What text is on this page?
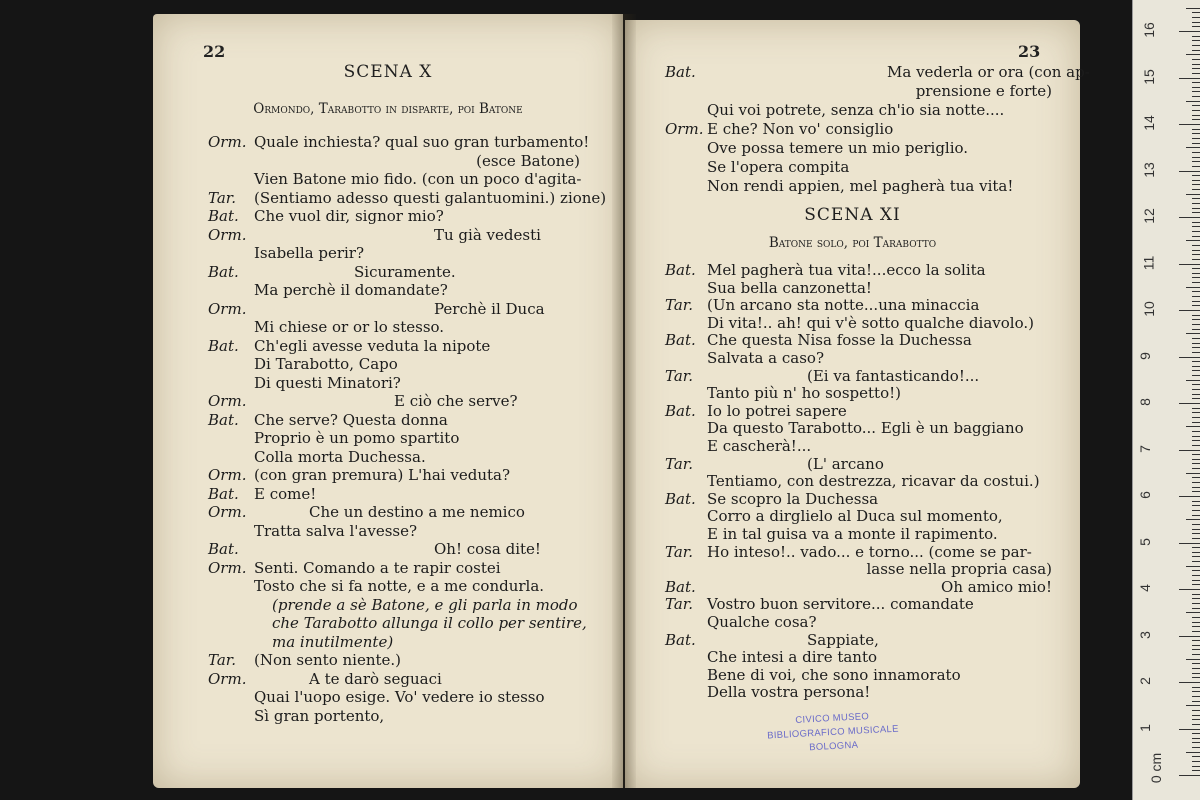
22
SCENA X
Ormondo, Tarabotto in disparte, poi Batone
Orm. Quale inchiesta? qual suo gran turbamento!
(esce Batone)
Vien Batone mio fido. (con un poco d'agita-
Tar. (Sentiamo adesso questi galantuomini.) zione)
Bat. Che vuol dir, signor mio?
Orm.	Tu già vedesti
Isabella perir?
Bat.	Sicuramente.
Ma perchè il domandate?
Orm.	Perchè il Duca
Mi chiese or or lo stesso.
Bat. Ch'egli avesse veduta la nipote
Di Tarabotto, Capo
Di questi Minatori?
Orm.	E ciò che serve?
Bat. Che serve? Questa donna
Proprio è un pomo spartito
Colla morta Duchessa.
Orm. (con gran premura) L'hai veduta?
Bat. E come!
Orm.	Che un destino a me nemico
Tratta salva l'avesse?
Bat.	Oh! cosa dite!
Orm. Senti. Comando a te rapir costei
Tosto che si fa notte, e a me condurla.
(prende a sè Batone, e gli parla in modo
che Tarabotto allunga il collo per sentire,
ma inutilmente)
Tar. (Non sento niente.)
Orm.	A te darò seguaci
Quai l'uopo esige. Vo' vedere io stesso
Sì gran portento,
23
Bat.	Ma vederla or ora (con ap-
prensione e forte)
Qui voi potrete, senza ch'io sia notte....
Orm. E che? Non vo' consiglio
Ove possa temere un mio periglio.
Se l'opera compita
Non rendi appien, mel pagherà tua vita!
SCENA XI
Batone solo, poi Tarabotto
Bat. Mel pagherà tua vita!...ecco la solita
Sua bella canzonetta!
Tar. (Un arcano sta notte...una minaccia
Di vita!.. ah! qui v'è sotto qualche diavolo.)
Bat. Che questa Nisa fosse la Duchessa
Salvata a caso?
Tar.	(Ei va fantasticando!...
Tanto più n' ho sospetto!)
Bat. Io lo potrei sapere
Da questo Tarabotto... Egli è un baggiano
E cascherà!...
Tar.	(L' arcano
Tentiamo, con destrezza, ricavar da costui.)
Bat. Se scopro la Duchessa
Corro a dirglielo al Duca sul momento,
E in tal guisa va a monte il rapimento.
Tar. Ho inteso!.. vado... e torno... (come se par-
lasse nella propria casa)
Bat.	Oh amico mio!
Tar. Vostro buon servitore... comandate
Qualche cosa?
Bat.	Sappiate,
Che intesi a dire tanto
Bene di voi, che sono innamorato
Della vostra persona!
CIVICO MUSEO
BIBLIOGRAFICO MUSICALE
BOLOGNA
0 cm
1
2
3
4
5
6
7
8
9
10
11
12
13
14
15
16
